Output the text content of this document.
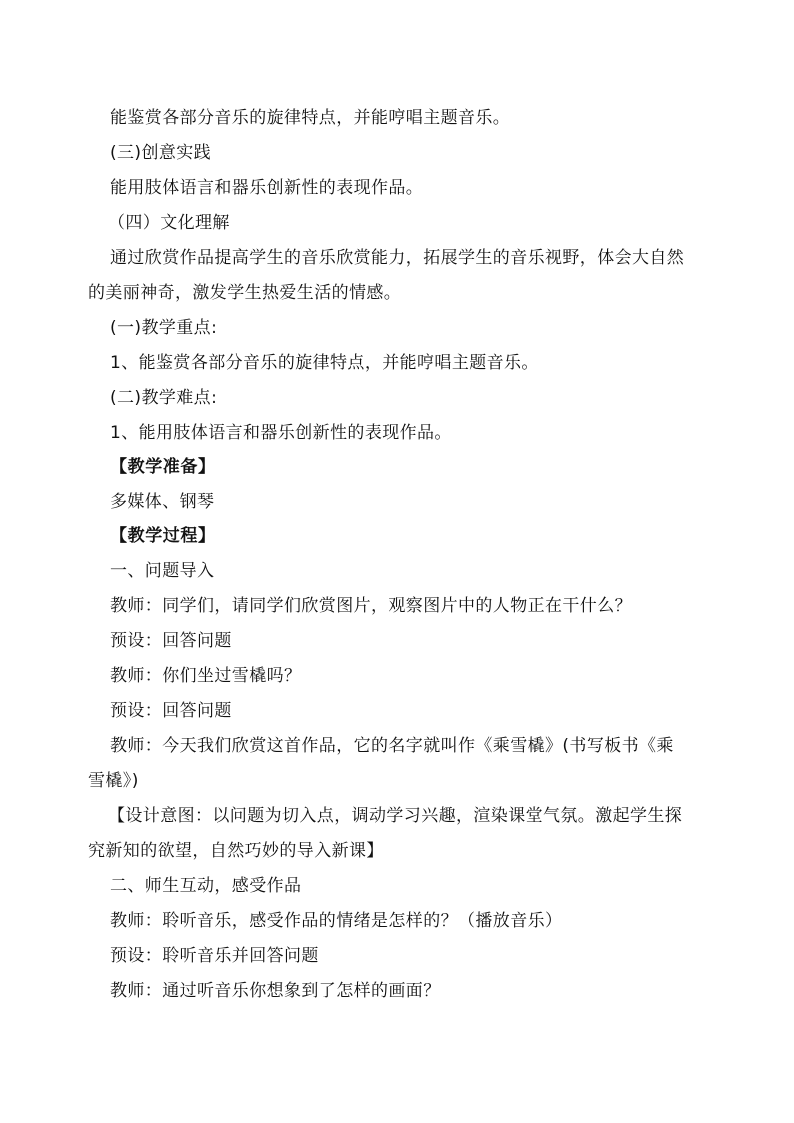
能鉴赏各部分音乐的旋律特点，并能哼唱主题音乐。
(三)创意实践
能用肢体语言和器乐创新性的表现作品。
（四）文化理解
通过欣赏作品提高学生的音乐欣赏能力，拓展学生的音乐视野，体会大自然
的美丽神奇，激发学生热爱生活的情感。
(一)教学重点:
1、能鉴赏各部分音乐的旋律特点，并能哼唱主题音乐。
(二)教学难点:
1、能用肢体语言和器乐创新性的表现作品。
【教学准备】
多媒体、钢琴
【教学过程】
一、问题导入
教师：同学们，请同学们欣赏图片，观察图片中的人物正在干什么？
预设：回答问题
教师：你们坐过雪橇吗？
预设：回答问题
教师：今天我们欣赏这首作品，它的名字就叫作《乘雪橇》(书写板书《乘
雪橇》)
【设计意图：以问题为切入点，调动学习兴趣，渲染课堂气氛。激起学生探
究新知的欲望，自然巧妙的导入新课】
二、师生互动，感受作品
教师：聆听音乐，感受作品的情绪是怎样的？（播放音乐）
预设：聆听音乐并回答问题
教师：通过听音乐你想象到了怎样的画面？
